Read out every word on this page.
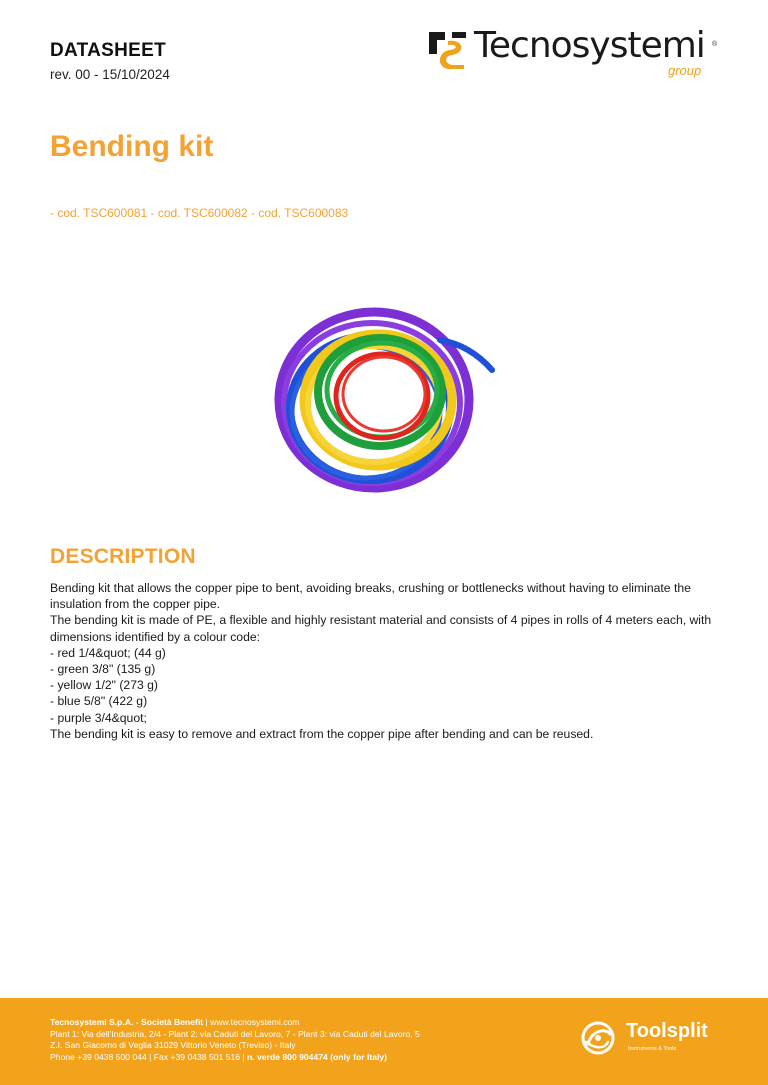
DATASHEET
rev. 00 - 15/10/2024
Tecnosystemi ®
group
Bending kit
- cod. TSC600081 - cod. TSC600082 - cod. TSC600083
DESCRIPTION

Bending kit that allows the copper pipe to bent, avoiding breaks, crushing or bottlenecks without having to eliminate the insulation from the copper pipe.

The bending kit is made of PE, a flexible and highly resistant material and consists of 4 pipes in rolls of 4 meters each, with dimensions identified by a colour code:

- red 1/4&quot; (44 g)

- green 3/8" (135 g)

- yellow 1/2" (273 g)

- blue 5/8" (422 g)

- purple 3/4&quot;

The bending kit is easy to remove and extract from the copper pipe after bending and can be reused.

Tecnosystemi S.p.A. - Società Benefit | www.tecnosystemi.com
Plant 1: Via dell'Industria, 2/4 - Plant 2: via Caduti del Lavoro, 7 - Plant 3: via Caduti del Lavoro, 5
Z.I. San Giacomo di Veglia 31029 Vittorio Veneto (Treviso) - Italy
Phone +39 0438 500 044 | Fax +39 0438 501 516 | n. verde 800 904474 (only for Italy)
Toolsplit
Instruments & Tools
